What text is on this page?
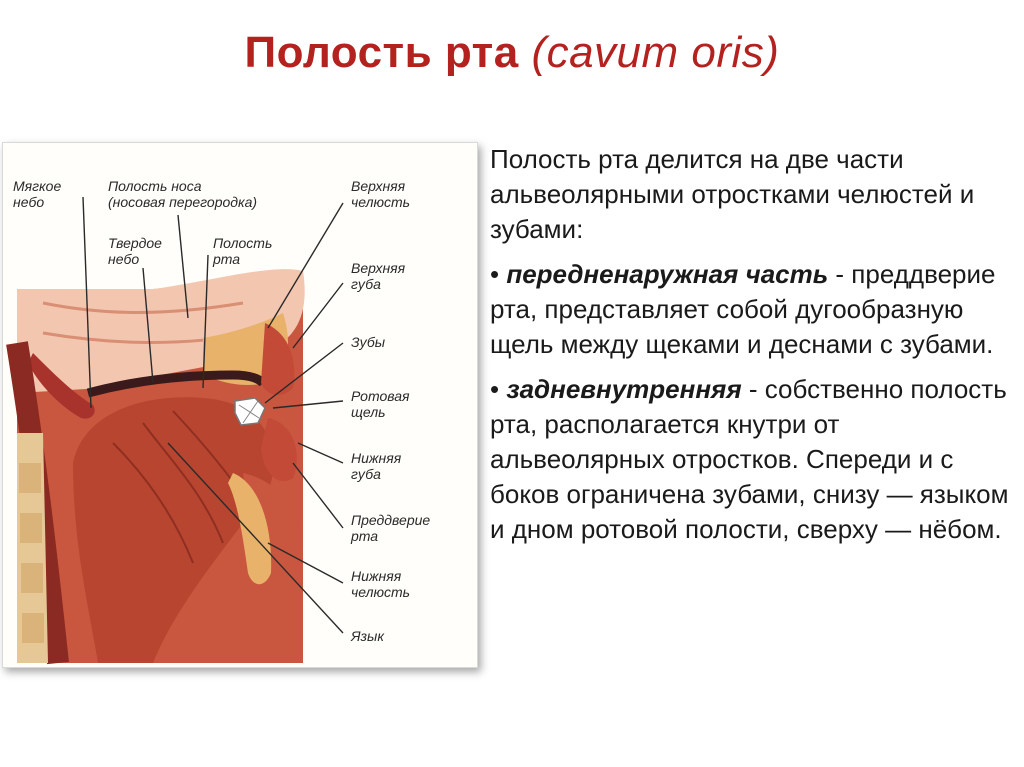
Полость рта (cavum oris)
Мягкое
небо
Полость носа
(носовая перегородка)
Верхняя
челюсть
Твердое
небо
Полость
рта
Верхняя
губа
Зубы
Ротовая
щель
Нижняя
губа
Преддверие
рта
Нижняя
челюсть
Язык

Полость рта делится на две части альвеолярными отростками челюстей и зубами:

• передненаружная часть - преддверие рта, представляет собой дугообразную щель между щеками и деснами с зубами.

• задневнутренняя - собственно полость рта, располагается кнутри от альвеолярных отростков. Спереди и с боков ограничена зубами, снизу — языком и дном ротовой полости, сверху — нёбом.
